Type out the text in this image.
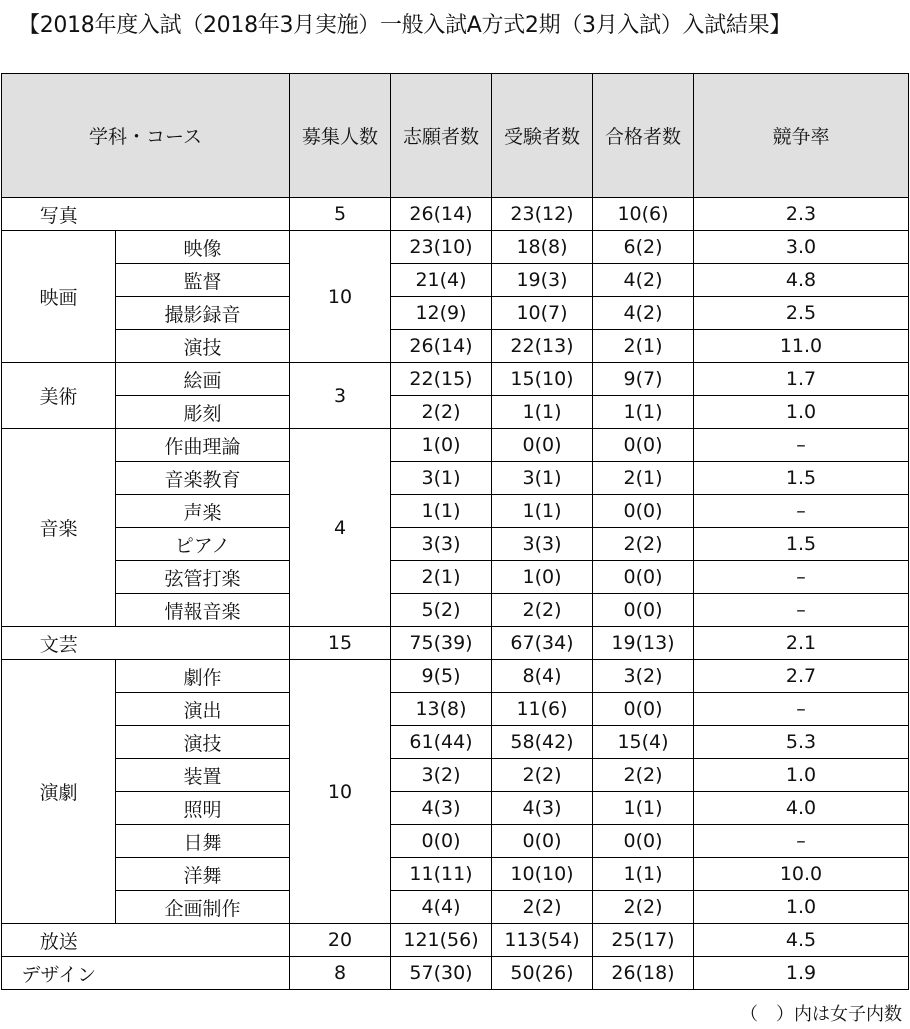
【2018年度入試（2018年3月実施）一般入試A方式2期（3月入試）入試結果】
学科・コース		募集人数	志願者数	受験者数	合格者数	競争率
写真		5	26(14)	23(12)	10(6)	2.3
映画	映像	10	23(10)	18(8)	6(2)	3.0
	監督		21(4)	19(3)	4(2)	4.8
	撮影録音		12(9)	10(7)	4(2)	2.5
	演技		26(14)	22(13)	2(1)	11.0
美術	絵画	3	22(15)	15(10)	9(7)	1.7
	彫刻		2(2)	1(1)	1(1)	1.0
音楽	作曲理論	4	1(0)	0(0)	0(0)	–
	音楽教育		3(1)	3(1)	2(1)	1.5
	声楽		1(1)	1(1)	0(0)	–
	ピアノ		3(3)	3(3)	2(2)	1.5
	弦管打楽		2(1)	1(0)	0(0)	–
	情報音楽		5(2)	2(2)	0(0)	–
文芸		15	75(39)	67(34)	19(13)	2.1
演劇	劇作	10	9(5)	8(4)	3(2)	2.7
	演出		13(8)	11(6)	0(0)	–
	演技		61(44)	58(42)	15(4)	5.3
	装置		3(2)	2(2)	2(2)	1.0
	照明		4(3)	4(3)	1(1)	4.0
	日舞		0(0)	0(0)	0(0)	–
	洋舞		11(11)	10(10)	1(1)	10.0
	企画制作		4(4)	2(2)	2(2)	1.0
放送		20	121(56)	113(54)	25(17)	4.5
デザイン		8	57(30)	50(26)	26(18)	1.9
（　）内は女子内数
